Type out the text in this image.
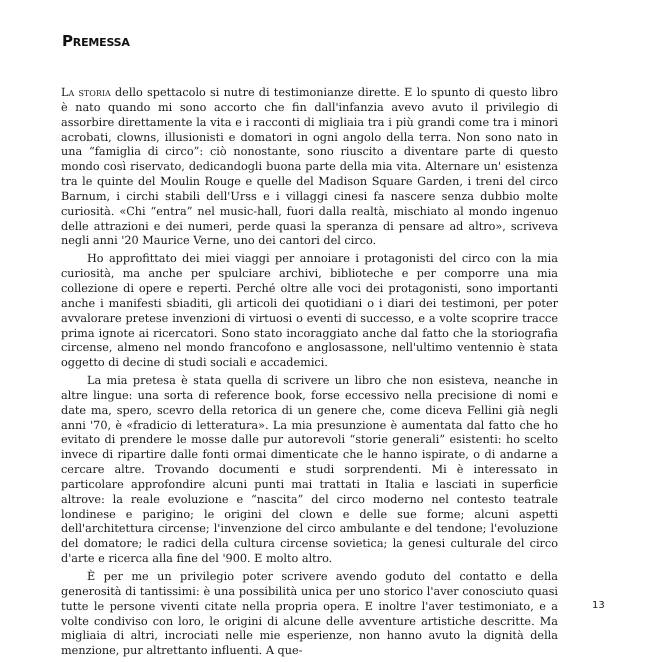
Premessa

La storia dello spettacolo si nutre di testimonianze dirette. E lo spunto di questo libro è nato quando mi sono accorto che fin dall'infanzia avevo avuto il privilegio di assorbire direttamente la vita e i racconti di migliaia tra i più grandi come tra i minori acrobati, clowns, illusionisti e domatori in ogni angolo della terra. Non sono nato in una “famiglia di circo”: ciò nonostante, sono riuscito a diventare parte di questo mondo così riservato, dedicandogli buona parte della mia vita. Alternare un' esistenza tra le quinte del Moulin Rouge e quelle del Madison Square Garden, i treni del circo Barnum, i circhi stabili dell'Urss e i villaggi cinesi fa nascere senza dubbio molte curiosità. «Chi “entra” nel music-hall, fuori dalla realtà, mischiato al mondo ingenuo delle attrazioni e dei numeri, perde quasi la speranza di pensare ad altro», scriveva negli anni '20 Maurice Verne, uno dei cantori del circo.

Ho approfittato dei miei viaggi per annoiare i protagonisti del circo con la mia curiosità, ma anche per spulciare archivi, biblioteche e per comporre una mia collezione di opere e reperti. Perché oltre alle voci dei protagonisti, sono importanti anche i manifesti sbiaditi, gli articoli dei quotidiani o i diari dei testimoni, per poter avvalorare pretese invenzioni di virtuosi o eventi di successo, e a volte scoprire tracce prima ignote ai ricercatori. Sono stato incoraggiato anche dal fatto che la storiografia circense, almeno nel mondo francofono e anglosassone, nell'ultimo ventennio è stata oggetto di decine di studi sociali e accademici.

La mia pretesa è stata quella di scrivere un libro che non esisteva, neanche in altre lingue: una sorta di reference book, forse eccessivo nella precisione di nomi e date ma, spero, scevro della retorica di un genere che, come diceva Fellini già negli anni '70, è «fradicio di letteratura». La mia presunzione è aumentata dal fatto che ho evitato di prendere le mosse dalle pur autorevoli “storie generali” esistenti: ho scelto invece di ripartire dalle fonti ormai dimenticate che le hanno ispirate, o di andarne a cercare altre. Trovando documenti e studi sorprendenti. Mi è interessato in particolare approfondire alcuni punti mai trattati in Italia e lasciati in superficie altrove: la reale evoluzione e “nascita” del circo moderno nel contesto teatrale londinese e parigino; le origini del clown e delle sue forme; alcuni aspetti dell'architettura circense; l'invenzione del circo ambulante e del tendone; l'evoluzione del domatore; le radici della cultura circense sovietica; la genesi culturale del circo d'arte e ricerca alla fine del '900. E molto altro.

È per me un privilegio poter scrivere avendo goduto del contatto e della generosità di tantissimi: è una possibilità unica per uno storico l'aver conosciuto quasi tutte le persone viventi citate nella propria opera. E inoltre l'aver testimoniato, e a volte condiviso con loro, le origini di alcune delle avventure artistiche descritte. Ma migliaia di altri, incrociati nelle mie esperienze, non hanno avuto la dignità della menzione, pur altrettanto influenti. A que-

13
